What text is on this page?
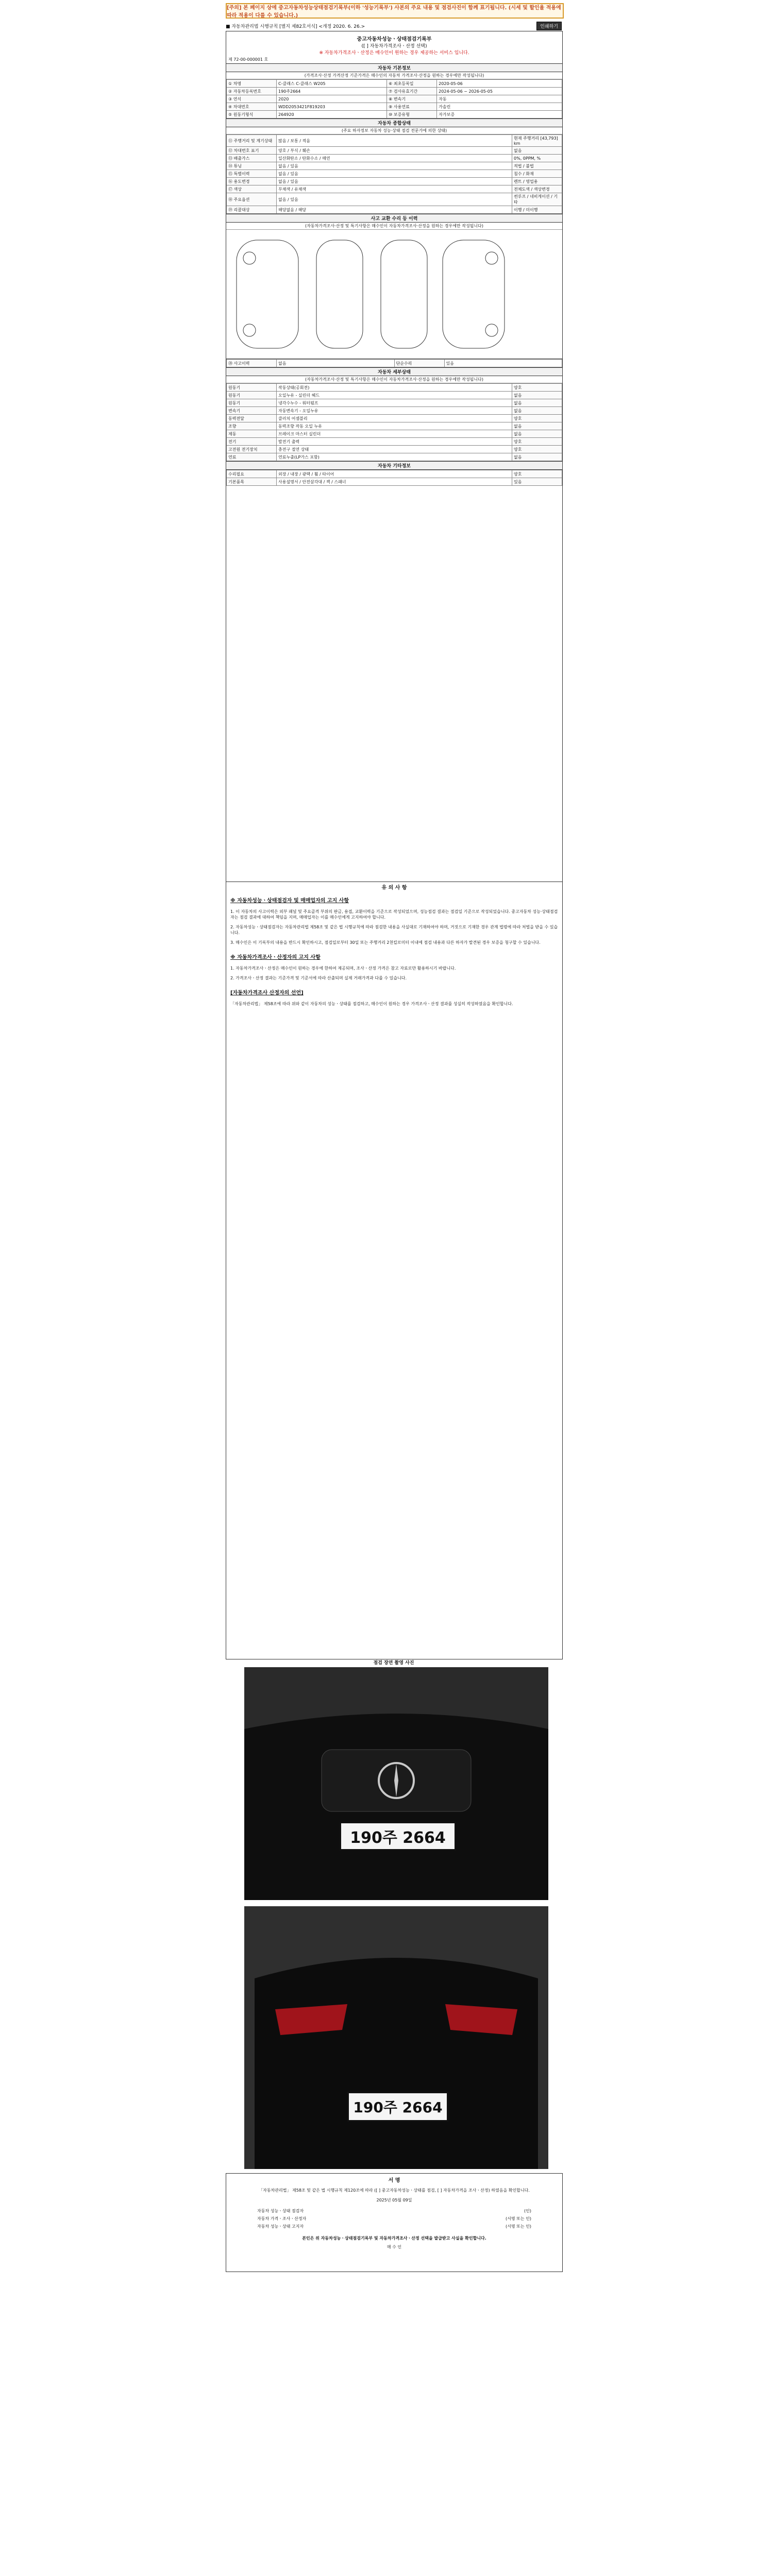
[주의] 본 페이지 상에 중고자동차성능상태점검기록부(이하 '성능기록부') 사본의 주요 내용 및 점검사진이 함께 표기됩니다. (시세 및 할인율 적용에 따라 적용이 다를 수 있습니다.)
■ 자동차관리법 시행규칙 [별지 제82호서식] <개정 2020. 6. 26.>	인쇄하기
중고자동차성능ㆍ상태점검기록부
([ ] 자동차가격조사ㆍ산정 선택)
※ 자동차가격조사ㆍ산정은 매수인이 원하는 경우 제공하는 서비스 입니다.
제 72-00-000001 호
자동차 기본정보
(가격조사·산정 가격산정 기준가격은 매수인의 자동차 가격조사·산정을 원하는 경우에만 작성됩니다)
① 차명	C-클래스 C-클래스 W205	⑥ 최초등록일	2020-05-06
② 자동차등록번호	190주2664	⑦ 검사유효기간	2024-05-06 ~ 2026-05-05
③ 연식	2020	⑧ 변속기	자동
④ 차대번호	WDD2053421F819203	⑨ 사용연료	가솔린
⑤ 원동기형식	264920	⑩ 보증유형	자가보증
자동차 종합상태
(주요 하자정보 자동차 성능·상태 점검 전문가에 의한 상태)
⑪ 주행거리 및 계기상태	많음 / 보통 / 적음	현재 주행거리 [43,793] km
⑫ 차대번호 표기	양호 / 부식 / 훼손	없음
⑬ 배출가스	일산화탄소 / 탄화수소 / 매연	0%, 0PPM, %
⑭ 튜닝	없음 / 있음	적법 / 불법
⑮ 특별이력	없음 / 있음	침수 / 화재
⑯ 용도변경	없음 / 있음	렌트 / 영업용
⑰ 색상	무채색 / 유채색	전체도색 / 색상변경
⑱ 주요옵션	없음 / 있음	썬루프 / 네비게이션 / 기타
⑲ 리콜대상	해당없음 / 해당	이행 / 미이행
사고 교환 수리 등 이력
(자동차가격조사·산정 및 특기사항은 매수인이 자동차가격조사·산정을 원하는 경우에만 작성됩니다)
⑳ 사고이력	없음	단순수리	있음
자동차 세부상태
(자동차가격조사·산정 및 특기사항은 매수인이 자동차가격조사·산정을 원하는 경우에만 작성됩니다)
원동기	작동상태(공회전)	양호
원동기	오일누유 - 실린더 헤드	없음
원동기	냉각수누수 - 워터펌프	없음
변속기	자동변속기 - 오일누유	없음
동력전달	클러치 어셈블리	양호
조향	동력조향 작동 오일 누유	없음
제동	브레이크 마스터 실린더	없음
전기	발전기 출력	양호
고전원 전기장치	충전구 절연 상태	양호
연료	연료누출(LP가스 포함)	없음
자동차 기타정보
수리필요	외장 / 내장 / 광택 / 휠 / 타이어	양호
기본품목	사용설명서 / 안전삼각대 / 잭 / 스패너	있음
유 의 사 항
※ 자동차성능ㆍ상태점검자 및 매매업자의 고지 사항

1. 이 자동차의 사고이력은 외부 패널 및 주요골격 부위의 판금, 용접, 교환이력을 기준으로 작성되었으며, 성능점검 결과는 점검일 기준으로 작성되었습니다. 중고자동차 성능·상태점검자는 점검 결과에 대하여 책임을 지며, 매매업자는 이를 매수인에게 고지하여야 합니다.

2. 자동차성능ㆍ상태점검자는 자동차관리법 제58조 및 같은 법 시행규칙에 따라 점검한 내용을 사실대로 기재하여야 하며, 거짓으로 기재한 경우 관계 법령에 따라 처벌을 받을 수 있습니다.

3. 매수인은 이 기록부의 내용을 반드시 확인하시고, 점검일로부터 30일 또는 주행거리 2천킬로미터 이내에 점검 내용과 다른 하자가 발견된 경우 보증을 청구할 수 있습니다.

※ 자동차가격조사ㆍ산정자의 고지 사항

1. 자동차가격조사ㆍ산정은 매수인이 원하는 경우에 한하여 제공되며, 조사ㆍ산정 가격은 참고 자료로만 활용하시기 바랍니다.

2. 가격조사ㆍ산정 결과는 기준가격 및 기준서에 따라 산출되며 실제 거래가격과 다를 수 있습니다.

[자동차가격조사 산정자의 선언]

「자동차관리법」 제58조에 따라 위와 같이 자동차의 성능ㆍ상태를 점검하고, 매수인이 원하는 경우 가격조사ㆍ산정 결과를 성실히 작성하였음을 확인합니다.

점검 장면 촬영 사진
190주 2664
190주 2664
서 명

「자동차관리법」 제58조 및 같은 법 시행규칙 제120조에 따라 ([ ] 중고자동차성능ㆍ상태를 점검, [ ] 자동차가격을 조사ㆍ산정) 하였음을 확인합니다.

2025년 05월 09일

자동차 성능ㆍ상태 점검자	(인)
자동차 가격ㆍ조사ㆍ산정자	(서명 또는 인)
자동차 성능ㆍ상태 고지자	(서명 또는 인)
본인은 위 자동차성능ㆍ상태점검기록부 및 자동차가격조사ㆍ산정 선택을 발급받고 사실을 확인합니다.
매 수 인
